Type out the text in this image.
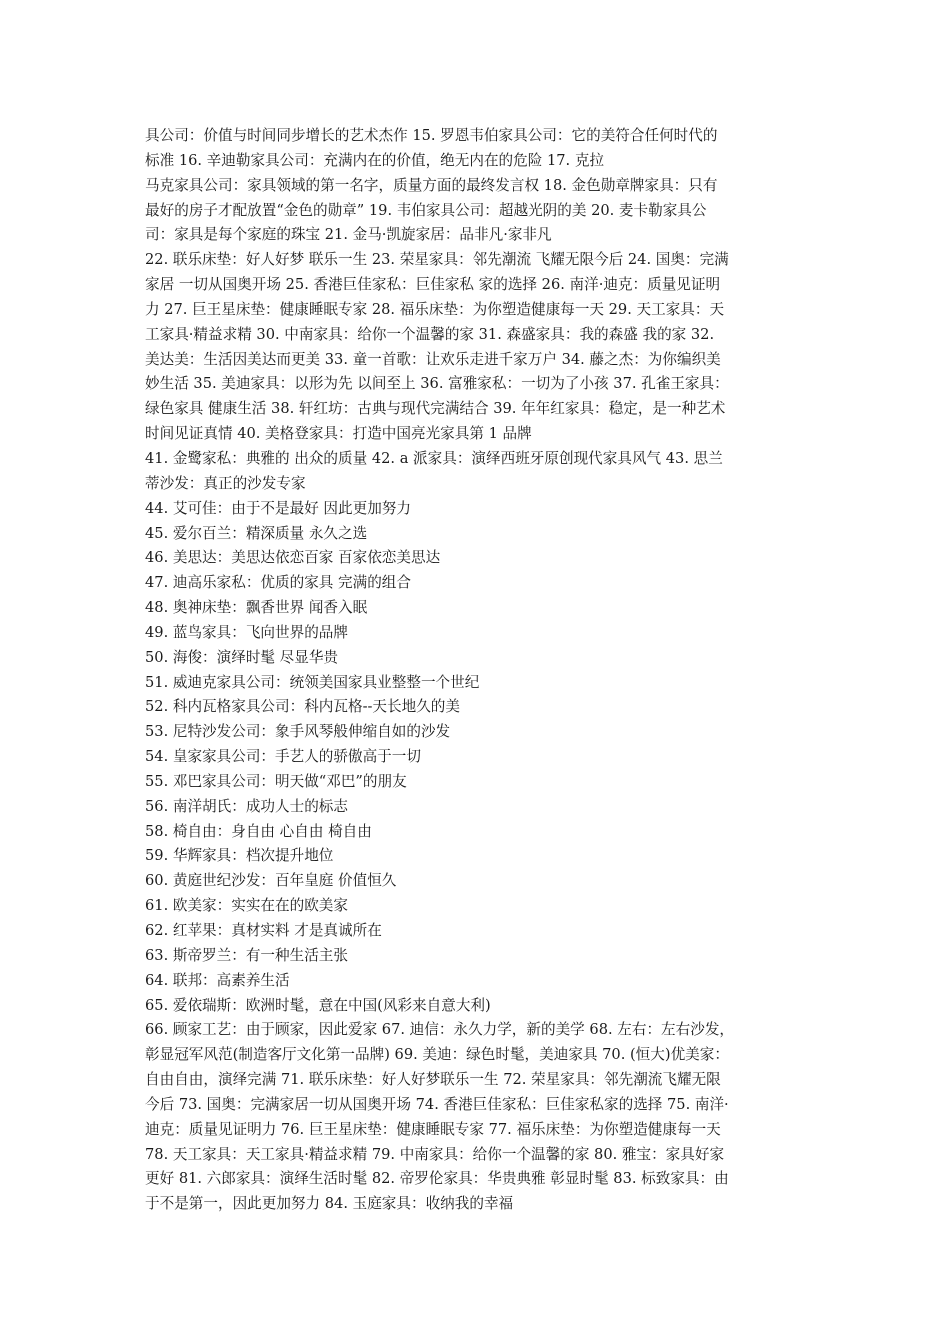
具公司：价值与时间同步增长的艺术杰作 15. 罗恩韦伯家具公司：它的美符合任何时代的
标准 16. 辛迪勒家具公司：充满内在的价值，绝无内在的危险 17. 克拉
马克家具公司：家具领域的第一名字，质量方面的最终发言权 18. 金色勋章牌家具：只有
最好的房子才配放置“金色的勋章” 19. 韦伯家具公司：超越光阴的美 20. 麦卡勒家具公
司：家具是每个家庭的珠宝 21. 金马·凯旋家居：品非凡·家非凡
22. 联乐床垫：好人好梦 联乐一生 23. 荣星家具：邻先潮流 飞耀无限今后 24. 国奥：完满
家居 一切从国奥开场 25. 香港巨佳家私：巨佳家私 家的选择 26. 南洋·迪克：质量见证明
力 27. 巨王星床垫：健康睡眠专家 28. 福乐床垫：为你塑造健康每一天 29. 天工家具：天
工家具·精益求精 30. 中南家具：给你一个温馨的家 31. 森盛家具：我的森盛 我的家 32.
美达美：生活因美达而更美 33. 童一首歌：让欢乐走进千家万户 34. 藤之杰：为你编织美
妙生活 35. 美迪家具：以形为先 以间至上 36. 富雅家私：一切为了小孩 37. 孔雀王家具：
绿色家具 健康生活 38. 轩红坊：古典与现代完满结合 39. 年年红家具：稳定，是一种艺术
时间见证真情 40. 美格登家具：打造中国亮光家具第 1 品牌
41. 金鹭家私：典雅的 出众的质量 42. a 派家具：演绎西班牙原创现代家具风气 43. 思兰
蒂沙发：真正的沙发专家
44. 艾可佳：由于不是最好 因此更加努力
45. 爱尔百兰：精深质量 永久之选
46. 美思达：美思达依恋百家 百家依恋美思达
47. 迪高乐家私：优质的家具 完满的组合
48. 奥神床垫：飘香世界 闻香入眠
49. 蓝鸟家具：飞向世界的品牌
50. 海俊：演绎时髦 尽显华贵
51. 威迪克家具公司：统领美国家具业整整一个世纪
52. 科内瓦格家具公司：科内瓦格--天长地久的美
53. 尼特沙发公司：象手风琴般伸缩自如的沙发
54. 皇家家具公司：手艺人的骄傲高于一切
55. 邓巴家具公司：明天做“邓巴”的朋友
56. 南洋胡氏：成功人士的标志
58. 椅自由：身自由 心自由 椅自由
59. 华辉家具：档次提升地位
60. 黄庭世纪沙发：百年皇庭 价值恒久
61. 欧美家：实实在在的欧美家
62. 红苹果：真材实料 才是真诚所在
63. 斯帝罗兰：有一种生活主张
64. 联邦：高素养生活
65. 爱依瑞斯：欧洲时髦，意在中国(风彩来自意大利)
66. 顾家工艺：由于顾家，因此爱家 67. 迪信：永久力学，新的美学 68. 左右：左右沙发，
彰显冠军风范(制造客厅文化第一品牌) 69. 美迪：绿色时髦，美迪家具 70. (恒大)优美家：
自由自由，演绎完满 71. 联乐床垫：好人好梦联乐一生 72. 荣星家具：邻先潮流飞耀无限
今后 73. 国奥：完满家居一切从国奥开场 74. 香港巨佳家私：巨佳家私家的选择 75. 南洋·
迪克：质量见证明力 76. 巨王星床垫：健康睡眠专家 77. 福乐床垫：为你塑造健康每一天
78. 天工家具：天工家具·精益求精 79. 中南家具：给你一个温馨的家 80. 雅宝：家具好家
更好 81. 六郎家具：演绎生活时髦 82. 帝罗伦家具：华贵典雅 彰显时髦 83. 标致家具：由
于不是第一，因此更加努力 84. 玉庭家具：收纳我的幸福
